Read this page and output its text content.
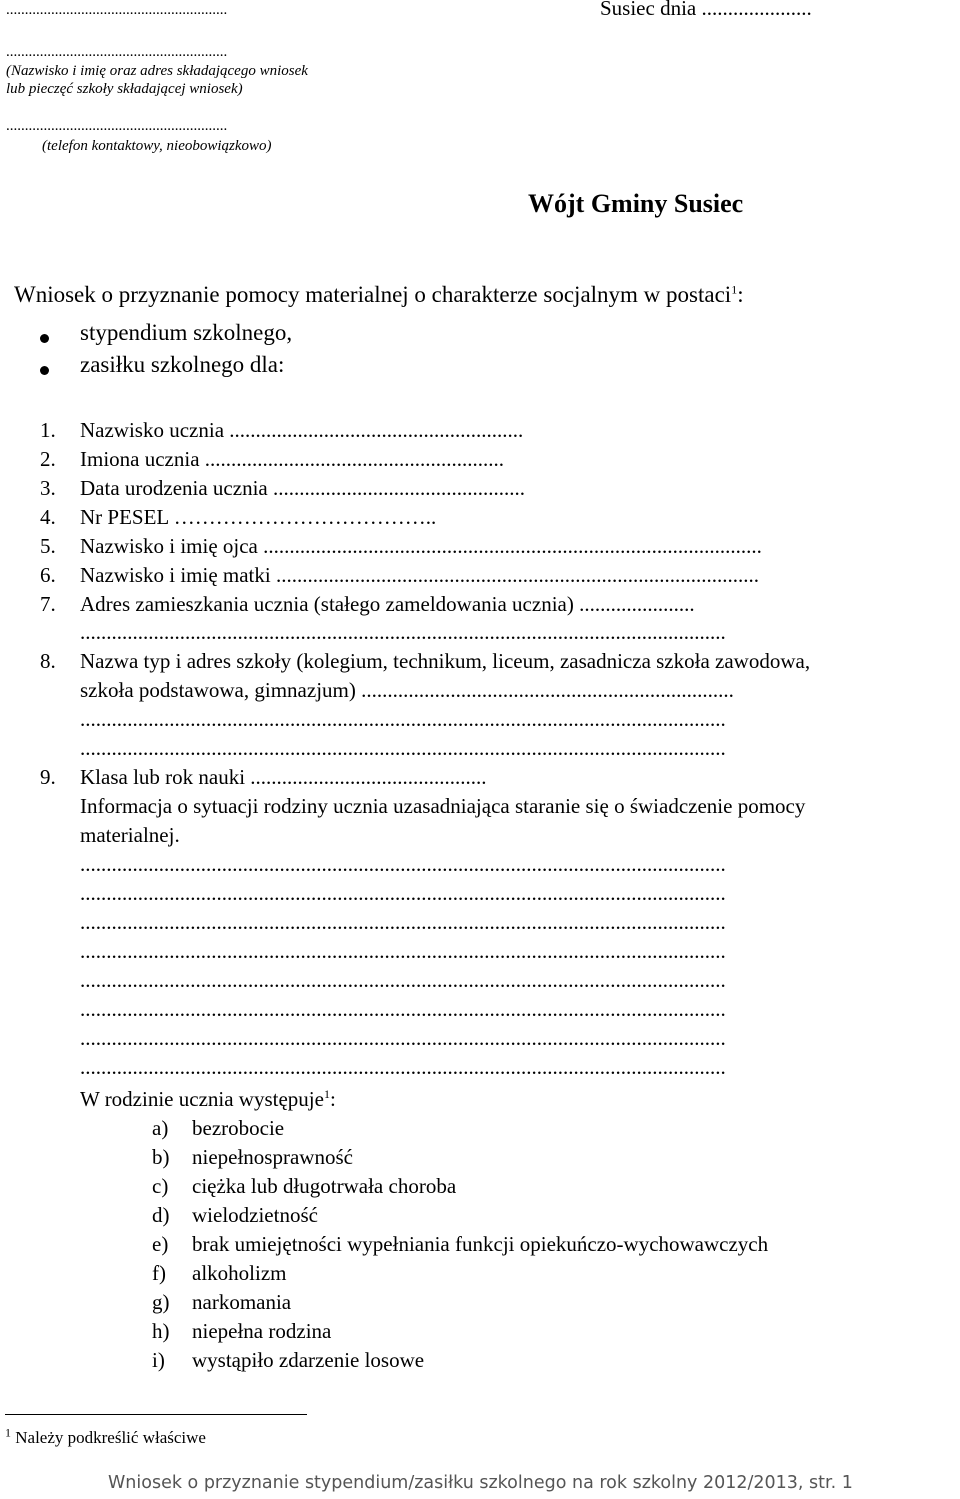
...........................................................	Susiec dnia .....................
...........................................................
(Nazwisko i imię oraz adres składającego wniosek
lub pieczęć szkoły składającej wniosek)
...........................................................
(telefon kontaktowy, nieobowiązkowo)
Wójt Gminy Susiec
Wniosek o przyznanie pomocy materialnej o charakterze socjalnym w postaci$^1$:
stypendium szkolnego,
zasiłku szkolnego dla:
1. Nazwisko ucznia ........................................................
2. Imiona ucznia .........................................................
3. Data urodzenia ucznia ................................................
4. Nr PESEL ………………………………..
5. Nazwisko i imię ojca ...............................................................................................
6. Nazwisko i imię matki ............................................................................................
7. Adres zamieszkania ucznia (stałego zameldowania ucznia) ......................
...........................................................................................................................
8. Nazwa typ i adres szkoły (kolegium, technikum, liceum, zasadnicza szkoła zawodowa,
szkoła podstawowa, gimnazjum) .......................................................................
...........................................................................................................................
...........................................................................................................................
9. Klasa lub rok nauki .............................................
Informacja o sytuacji rodziny ucznia uzasadniająca staranie się o świadczenie pomocy
materialnej.
...........................................................................................................................
...........................................................................................................................
...........................................................................................................................
...........................................................................................................................
...........................................................................................................................
...........................................................................................................................
...........................................................................................................................
...........................................................................................................................
W rodzinie ucznia występuje$^1$:
a) bezrobocie
b) niepełnosprawność
c) ciężka lub długotrwała choroba
d) wielodzietność
e) brak umiejętności wypełniania funkcji opiekuńczo-wychowawczych
f) alkoholizm
g) narkomania
h) niepełna rodzina
i) wystąpiło zdarzenie losowe
$^1$ Należy podkreślić właściwe
Wniosek o przyznanie stypendium/zasiłku szkolnego na rok szkolny 2012/2013, str. 1
